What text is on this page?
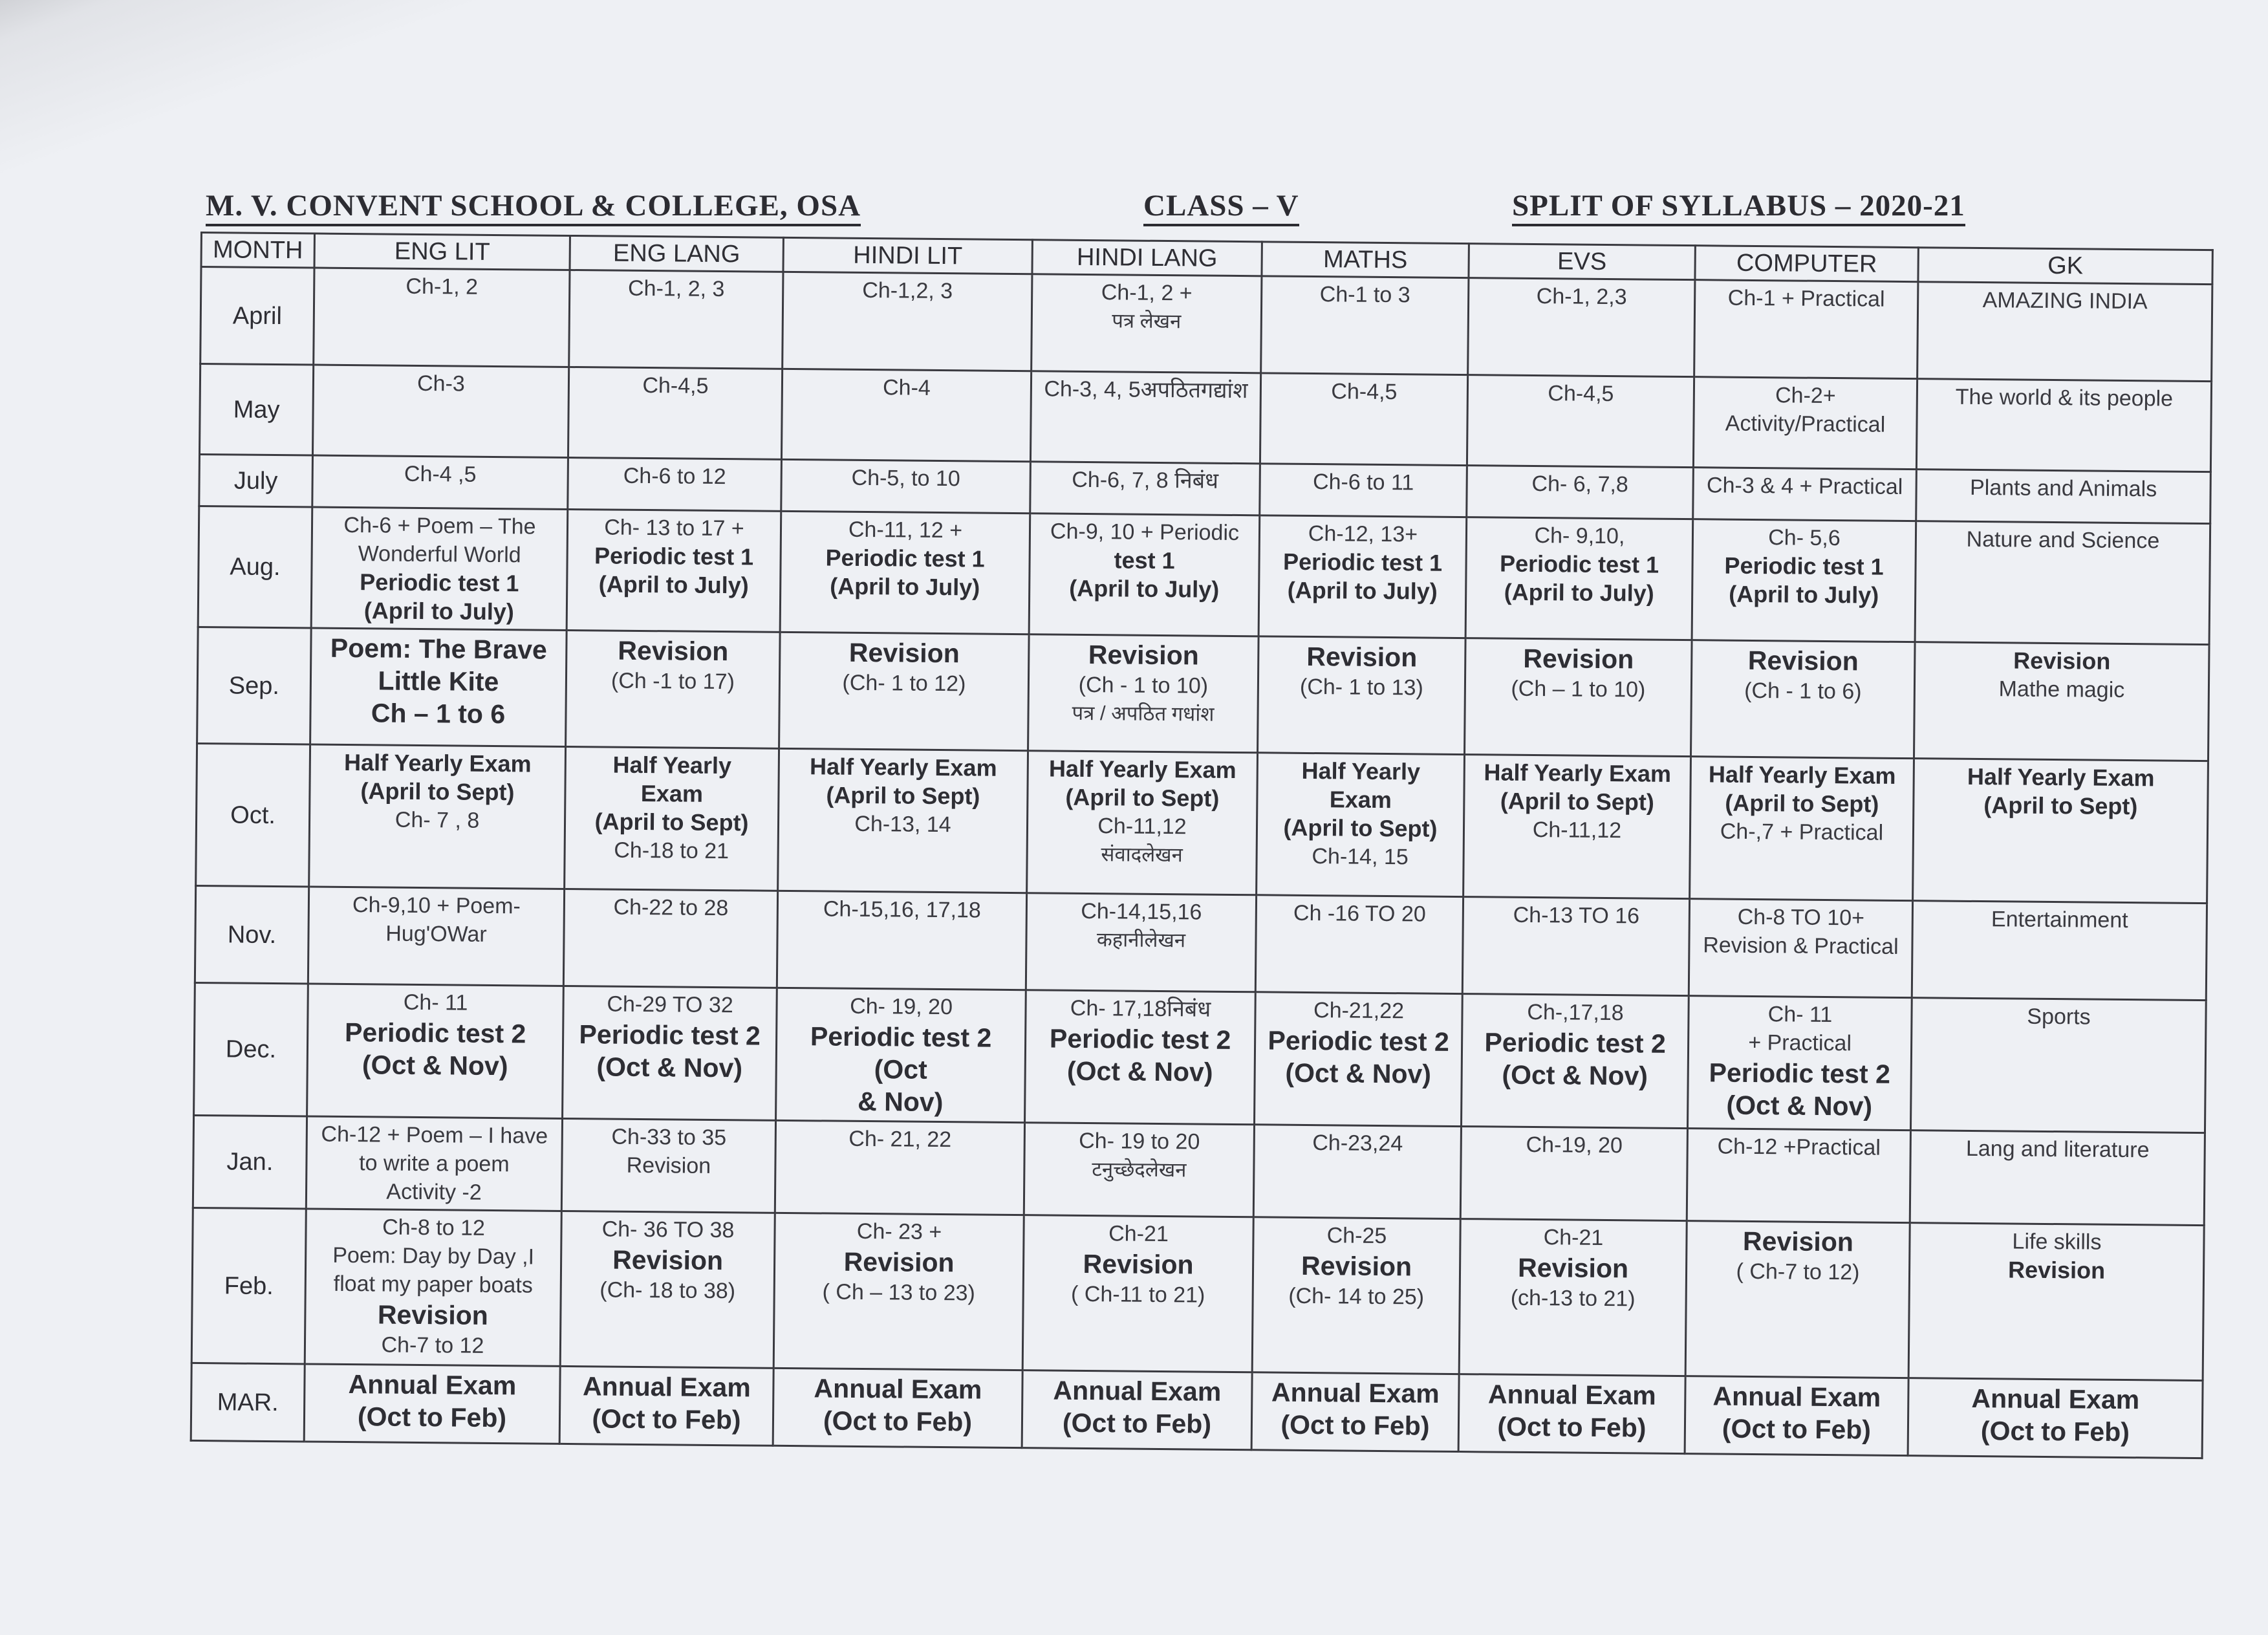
M. V. CONVENT SCHOOL & COLLEGE, OSA	CLASS – V	SPLIT OF SYLLABUS – 2020-21
MONTH	ENG LIT	ENG LANG	HINDI LIT	HINDI LANG	MATHS	EVS	COMPUTER	GK
April	Ch-1, 2	Ch-1, 2, 3	Ch-1,2, 3	Ch-1, 2 +
पत्र लेखन	Ch-1 to 3	Ch-1, 2,3	Ch-1 + Practical	AMAZING INDIA

May	Ch-3	Ch-4,5	Ch-4	Ch-3, 4, 5अपठितगद्यांश	Ch-4,5	Ch-4,5	Ch-2+
Activity/Practical	The world & its people

July	Ch-4 ,5	Ch-6 to 12	Ch-5, to 10	Ch-6, 7, 8 निबंध	Ch-6 to 11	Ch- 6, 7,8	Ch-3 & 4 + Practical	Plants and Animals

Aug.	Ch-6 + Poem – The
Wonderful World
Periodic test 1
(April to July)	Ch- 13 to 17 +
Periodic test 1
(April to July)	Ch-11, 12 +
Periodic test 1
(April to July)	Ch-9, 10 + Periodic
test 1
(April to July)	Ch-12, 13+
Periodic test 1
(April to July)	Ch- 9,10,
Periodic test 1
(April to July)	Ch- 5,6
Periodic test 1
(April to July)	Nature and Science

Sep.	Poem: The Brave
Little Kite
Ch – 1 to 6	Revision
(Ch -1 to 17)	Revision
(Ch- 1 to 12)	Revision
(Ch - 1 to 10)
पत्र / अपठित गधांश	Revision
(Ch- 1 to 13)	Revision
(Ch – 1 to 10)	Revision
(Ch - 1 to 6)	Revision
Mathe magic

Oct.	Half Yearly Exam
(April to Sept)
Ch- 7 , 8	Half Yearly
Exam
(April to Sept)
Ch-18 to 21	Half Yearly Exam
(April to Sept)
Ch-13, 14	Half Yearly Exam
(April to Sept)
Ch-11,12
संवादलेखन	Half Yearly
Exam
(April to Sept)
Ch-14, 15	Half Yearly Exam
(April to Sept)
Ch-11,12	Half Yearly Exam
(April to Sept)
Ch-,7 + Practical	Half Yearly Exam
(April to Sept)

Nov.	Ch-9,10 + Poem-
Hug'OWar	Ch-22 to 28	Ch-15,16, 17,18	Ch-14,15,16
कहानीलेखन	Ch -16 TO 20	Ch-13 TO 16	Ch-8 TO 10+
Revision & Practical	Entertainment

Dec.	Ch- 11
Periodic test 2
(Oct & Nov)	Ch-29 TO 32
Periodic test 2
(Oct & Nov)	Ch- 19, 20
Periodic test 2 (Oct
& Nov)	Ch- 17,18निबंध
Periodic test 2
(Oct & Nov)	Ch-21,22
Periodic test 2
(Oct & Nov)	Ch-,17,18
Periodic test 2
(Oct & Nov)	Ch- 11
+ Practical
Periodic test 2
(Oct & Nov)	Sports

Jan.	Ch-12 + Poem – I have
to write a poem
Activity -2	Ch-33 to 35
Revision	Ch- 21, 22	Ch- 19 to 20
टनुच्छेदलेखन	Ch-23,24	Ch-19, 20	Ch-12 +Practical	Lang and literature

Feb.	Ch-8 to 12
Poem: Day by Day ,I
float my paper boats
Revision
Ch-7 to 12	Ch- 36 TO 38
Revision
(Ch- 18 to 38)	Ch- 23 +
Revision
( Ch – 13 to 23)	Ch-21
Revision
( Ch-11 to 21)	Ch-25
Revision
(Ch- 14 to 25)	Ch-21
Revision
(ch-13 to 21)	Revision
( Ch-7 to 12)	Life skills
Revision

MAR.	Annual Exam
(Oct to Feb)	Annual Exam
(Oct to Feb)	Annual Exam
(Oct to Feb)	Annual Exam
(Oct to Feb)	Annual Exam
(Oct to Feb)	Annual Exam
(Oct to Feb)	Annual Exam
(Oct to Feb)	Annual Exam
(Oct to Feb)
